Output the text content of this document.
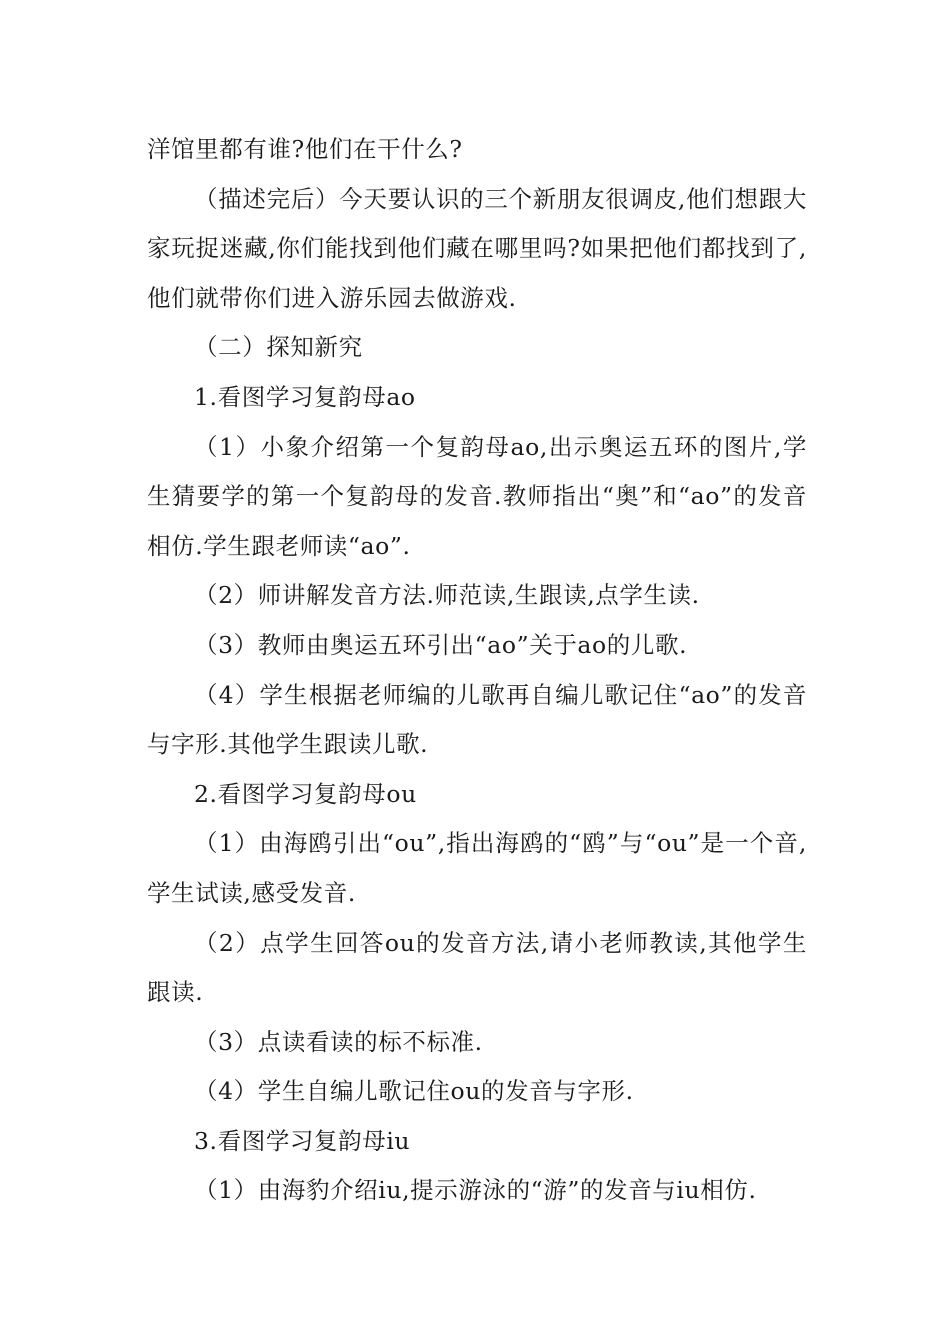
洋馆里都有谁?他们在干什么?

（描述完后）今天要认识的三个新朋友很调皮,他们想跟大家玩捉迷藏,你们能找到他们藏在哪里吗?如果把他们都找到了,他们就带你们进入游乐园去做游戏.

（二）探知新究

1.看图学习复韵母ao

（1）小象介绍第一个复韵母ao,出示奥运五环的图片,学生猜要学的第一个复韵母的发音.教师指出“奥”和“ao”的发音相仿.学生跟老师读“ao”.

（2）师讲解发音方法.师范读,生跟读,点学生读.

（3）教师由奥运五环引出“ao”关于ao的儿歌.

（4）学生根据老师编的儿歌再自编儿歌记住“ao”的发音与字形.其他学生跟读儿歌.

2.看图学习复韵母ou

（1）由海鸥引出“ou”,指出海鸥的“鸥”与“ou”是一个音,学生试读,感受发音.

（2）点学生回答ou的发音方法,请小老师教读,其他学生跟读.

（3）点读看读的标不标准.

（4）学生自编儿歌记住ou的发音与字形.

3.看图学习复韵母iu

（1）由海豹介绍iu,提示游泳的“游”的发音与iu相仿.
